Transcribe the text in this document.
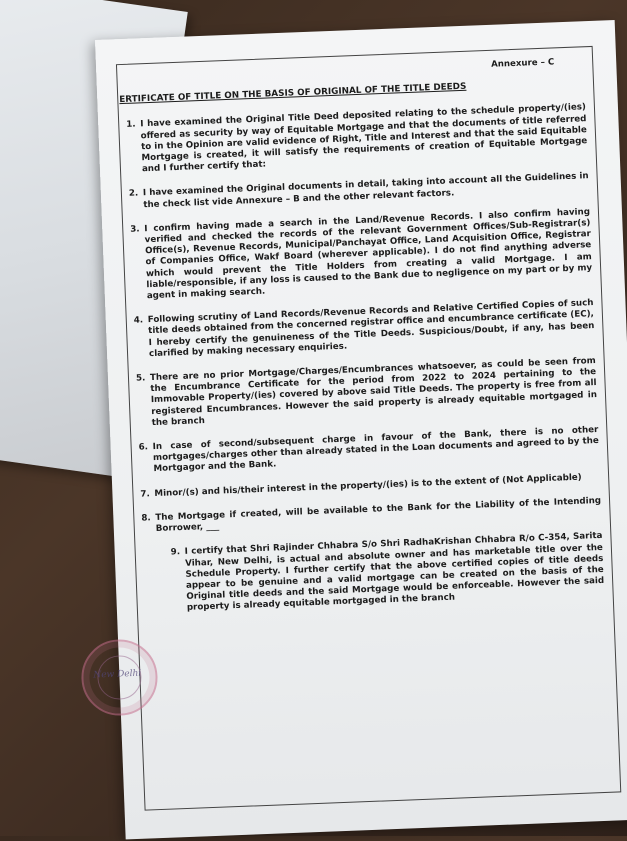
Annexure – C
ERTIFICATE OF TITLE ON THE BASIS OF ORIGINAL OF THE TITLE DEEDS
1. I have examined the Original Title Deed deposited relating to the schedule property/(ies) offered as security by way of Equitable Mortgage and that the documents of title referred to in the Opinion are valid evidence of Right, Title and Interest and that the said Equitable Mortgage is created, it will satisfy the requirements of creation of Equitable Mortgage and I further certify that:
2. I have examined the Original documents in detail, taking into account all the Guidelines in the check list vide Annexure – B and the other relevant factors.
3. I confirm having made a search in the Land/Revenue Records. I also confirm having verified and checked the records of the relevant Government Offices/Sub-Registrar(s) Office(s), Revenue Records, Municipal/Panchayat Office, Land Acquisition Office, Registrar of Companies Office, Wakf Board (wherever applicable). I do not find anything adverse which would prevent the Title Holders from creating a valid Mortgage. I am liable/responsible, if any loss is caused to the Bank due to negligence on my part or by my agent in making search.
4. Following scrutiny of Land Records/Revenue Records and Relative Certified Copies of such title deeds obtained from the concerned registrar office and encumbrance certificate (EC), I hereby certify the genuineness of the Title Deeds. Suspicious/Doubt, if any, has been clarified by making necessary enquiries.
5. There are no prior Mortgage/Charges/Encumbrances whatsoever, as could be seen from the Encumbrance Certificate for the period from 2022 to 2024 pertaining to the Immovable Property/(ies) covered by above said Title Deeds. The property is free from all registered Encumbrances. However the said property is already equitable mortgaged in the branch
6. In case of second/subsequent charge in favour of the Bank, there is no other mortgages/charges other than already stated in the Loan documents and agreed to by the Mortgagor and the Bank.
7. Minor/(s) and his/their interest in the property/(ies) is to the extent of (Not Applicable)
8. The Mortgage if created, will be available to the Bank for the Liability of the Intending Borrower, ___
9. I certify that Shri Rajinder Chhabra S/o Shri RadhaKrishan Chhabra R/o C-354, Sarita Vihar, New Delhi, is actual and absolute owner and has marketable title over the Schedule Property. I further certify that the above certified copies of title deeds appear to be genuine and a valid mortgage can be created on the basis of the Original title deeds and the said Mortgage would be enforceable. However the said property is already equitable mortgaged in the branch
New Delhi
